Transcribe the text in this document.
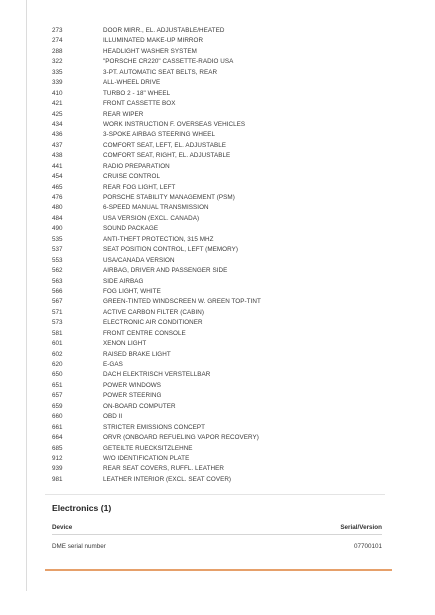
273	DOOR MIRR., EL. ADJUSTABLE/HEATED
274	ILLUMINATED MAKE-UP MIRROR
288	HEADLIGHT WASHER SYSTEM
322	"PORSCHE CR220" CASSETTE-RADIO USA
335	3-PT. AUTOMATIC SEAT BELTS, REAR
339	ALL-WHEEL DRIVE
410	TURBO 2 - 18" WHEEL
421	FRONT CASSETTE BOX
425	REAR WIPER
434	WORK INSTRUCTION F. OVERSEAS VEHICLES
436	3-SPOKE AIRBAG STEERING WHEEL
437	COMFORT SEAT, LEFT, EL. ADJUSTABLE
438	COMFORT SEAT, RIGHT, EL. ADJUSTABLE
441	RADIO PREPARATION
454	CRUISE CONTROL
465	REAR FOG LIGHT, LEFT
476	PORSCHE STABILITY MANAGEMENT (PSM)
480	6-SPEED MANUAL TRANSMISSION
484	USA VERSION (EXCL. CANADA)
490	SOUND PACKAGE
535	ANTI-THEFT PROTECTION, 315 MHZ
537	SEAT POSITION CONTROL, LEFT (MEMORY)
553	USA/CANADA VERSION
562	AIRBAG, DRIVER AND PASSENGER SIDE
563	SIDE AIRBAG
566	FOG LIGHT, WHITE
567	GREEN-TINTED WINDSCREEN W. GREEN TOP-TINT
571	ACTIVE CARBON FILTER (CABIN)
573	ELECTRONIC AIR CONDITIONER
581	FRONT CENTRE CONSOLE
601	XENON LIGHT
602	RAISED BRAKE LIGHT
620	E-GAS
650	DACH ELEKTRISCH VERSTELLBAR
651	POWER WINDOWS
657	POWER STEERING
659	ON-BOARD COMPUTER
660	OBD II
661	STRICTER EMISSIONS CONCEPT
664	ORVR (ONBOARD REFUELING VAPOR RECOVERY)
685	GETEILTE RUECKSITZLEHNE
912	W/O IDENTIFICATION PLATE
939	REAR SEAT COVERS, RUFFL. LEATHER
981	LEATHER INTERIOR (EXCL. SEAT COVER)
Electronics (1)
Device	Serial/Version
DME serial number	07700101
